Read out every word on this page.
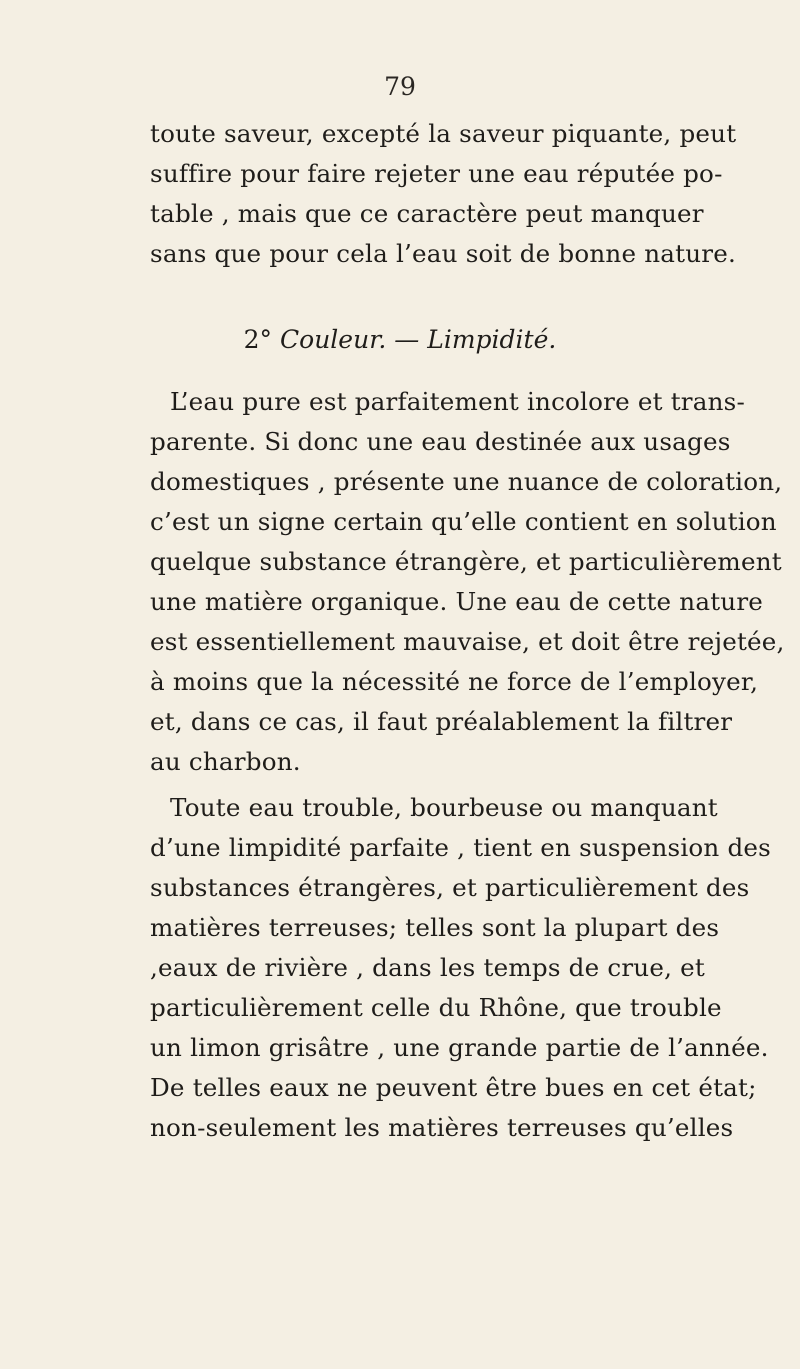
79
toute saveur, excepté la saveur piquante, peut
suffire pour faire rejeter une eau réputée po-
table , mais que ce caractère peut manquer
sans que pour cela l’eau soit de bonne nature.
2° Couleur. — Limpidité.
L’eau pure est parfaitement incolore et trans-
parente. Si donc une eau destinée aux usages
domestiques , présente une nuance de coloration,
c’est un signe certain qu’elle contient en solution
quelque substance étrangère, et particulièrement
une matière organique. Une eau de cette nature
est essentiellement mauvaise, et doit être rejetée,
à moins que la nécessité ne force de l’employer,
et, dans ce cas, il faut préalablement la filtrer
au charbon.
Toute eau trouble, bourbeuse ou manquant
d’une limpidité parfaite , tient en suspension des
substances étrangères, et particulièrement des
matières terreuses; telles sont la plupart des
,eaux de rivière , dans les temps de crue, et
particulièrement celle du Rhône, que trouble
un limon grisâtre , une grande partie de l’année.
De telles eaux ne peuvent être bues en cet état;
non-seulement les matières terreuses qu’elles
